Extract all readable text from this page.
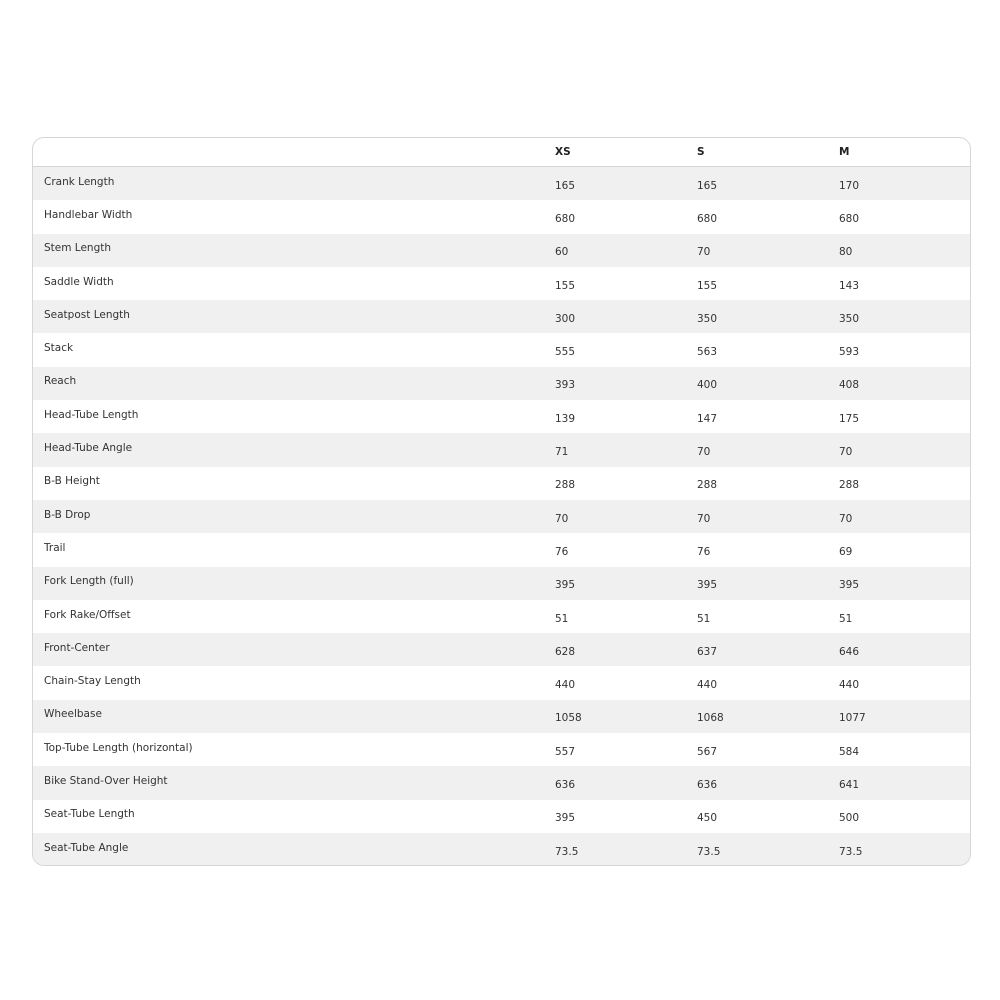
	XS	S	M
Crank Length	165	165	170
Handlebar Width	680	680	680
Stem Length	60	70	80
Saddle Width	155	155	143
Seatpost Length	300	350	350
Stack	555	563	593
Reach	393	400	408
Head-Tube Length	139	147	175
Head-Tube Angle	71	70	70
B-B Height	288	288	288
B-B Drop	70	70	70
Trail	76	76	69
Fork Length (full)	395	395	395
Fork Rake/Offset	51	51	51
Front-Center	628	637	646
Chain-Stay Length	440	440	440
Wheelbase	1058	1068	1077
Top-Tube Length (horizontal)	557	567	584
Bike Stand-Over Height	636	636	641
Seat-Tube Length	395	450	500
Seat-Tube Angle	73.5	73.5	73.5
